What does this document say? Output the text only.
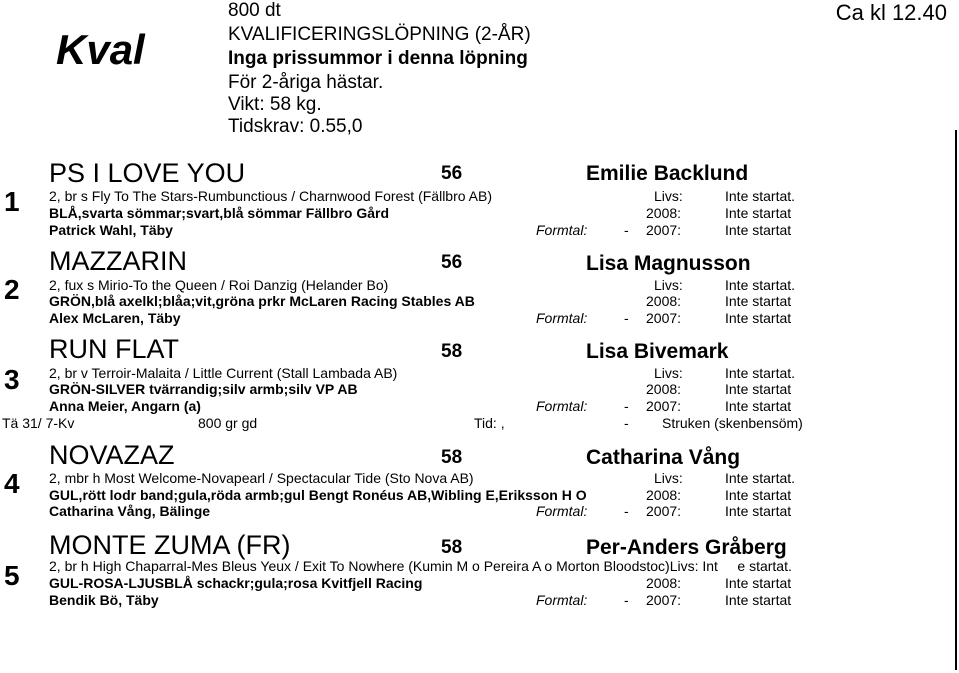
Kval
800 dt
KVALIFICERINGSLÖPNING (2-ÅR)
Inga prissummor i denna löpning
För 2-åriga hästar.
Vikt: 58 kg.
Tidskrav: 0.55,0
Ca kl 12.40
PS I LOVE YOU	56	Emilie Backlund
1 2, br s Fly To The Stars-Rumbunctious / Charnwood Forest (Fällbro AB)	Livs:	Inte startat.
BLÅ,svarta sömmar;svart,blå sömmar Fällbro Gård	2008:	Inte startat
Patrick Wahl, Täby	Formtal:	- 2007:	Inte startat
MAZZARIN	56	Lisa Magnusson
2 2, fux s Mirio-To the Queen / Roi Danzig (Helander Bo)	Livs:	Inte startat.
GRÖN,blå axelkl;blåa;vit,gröna prkr McLaren Racing Stables AB	2008:	Inte startat
Alex McLaren, Täby	Formtal:	- 2007:	Inte startat
RUN FLAT	58	Lisa Bivemark
3 2, br v Terroir-Malaita / Little Current (Stall Lambada AB)	Livs:	Inte startat.
GRÖN-SILVER tvärrandig;silv armb;silv VP AB	2008:	Inte startat
Anna Meier, Angarn (a)	Formtal:	- 2007:	Inte startat
Tä 31/ 7-Kv	800 gr gd	Tid: ,	- Struken (skenbensöm)
NOVAZAZ	58	Catharina Vång
4 2, mbr h Most Welcome-Novapearl / Spectacular Tide (Sto Nova AB)	Livs:	Inte startat.
GUL,rött lodr band;gula,röda armb;gul Bengt Ronéus AB,Wibling E,Eriksson H O	2008:	Inte startat
Catharina Vång, Bälinge	Formtal:	- 2007:	Inte startat
MONTE ZUMA (FR)	58	Per-Anders Gråberg
5 2, br h High Chaparral-Mes Bleus Yeux / Exit To Nowhere (Kumin M o Pereira A o Morton Bloodstoc)Livs: Int     e startat.
GUL-ROSA-LJUSBLÅ schackr;gula;rosa Kvitfjell Racing	2008:	Inte startat
Bendik Bö, Täby	Formtal:	- 2007:	Inte startat
